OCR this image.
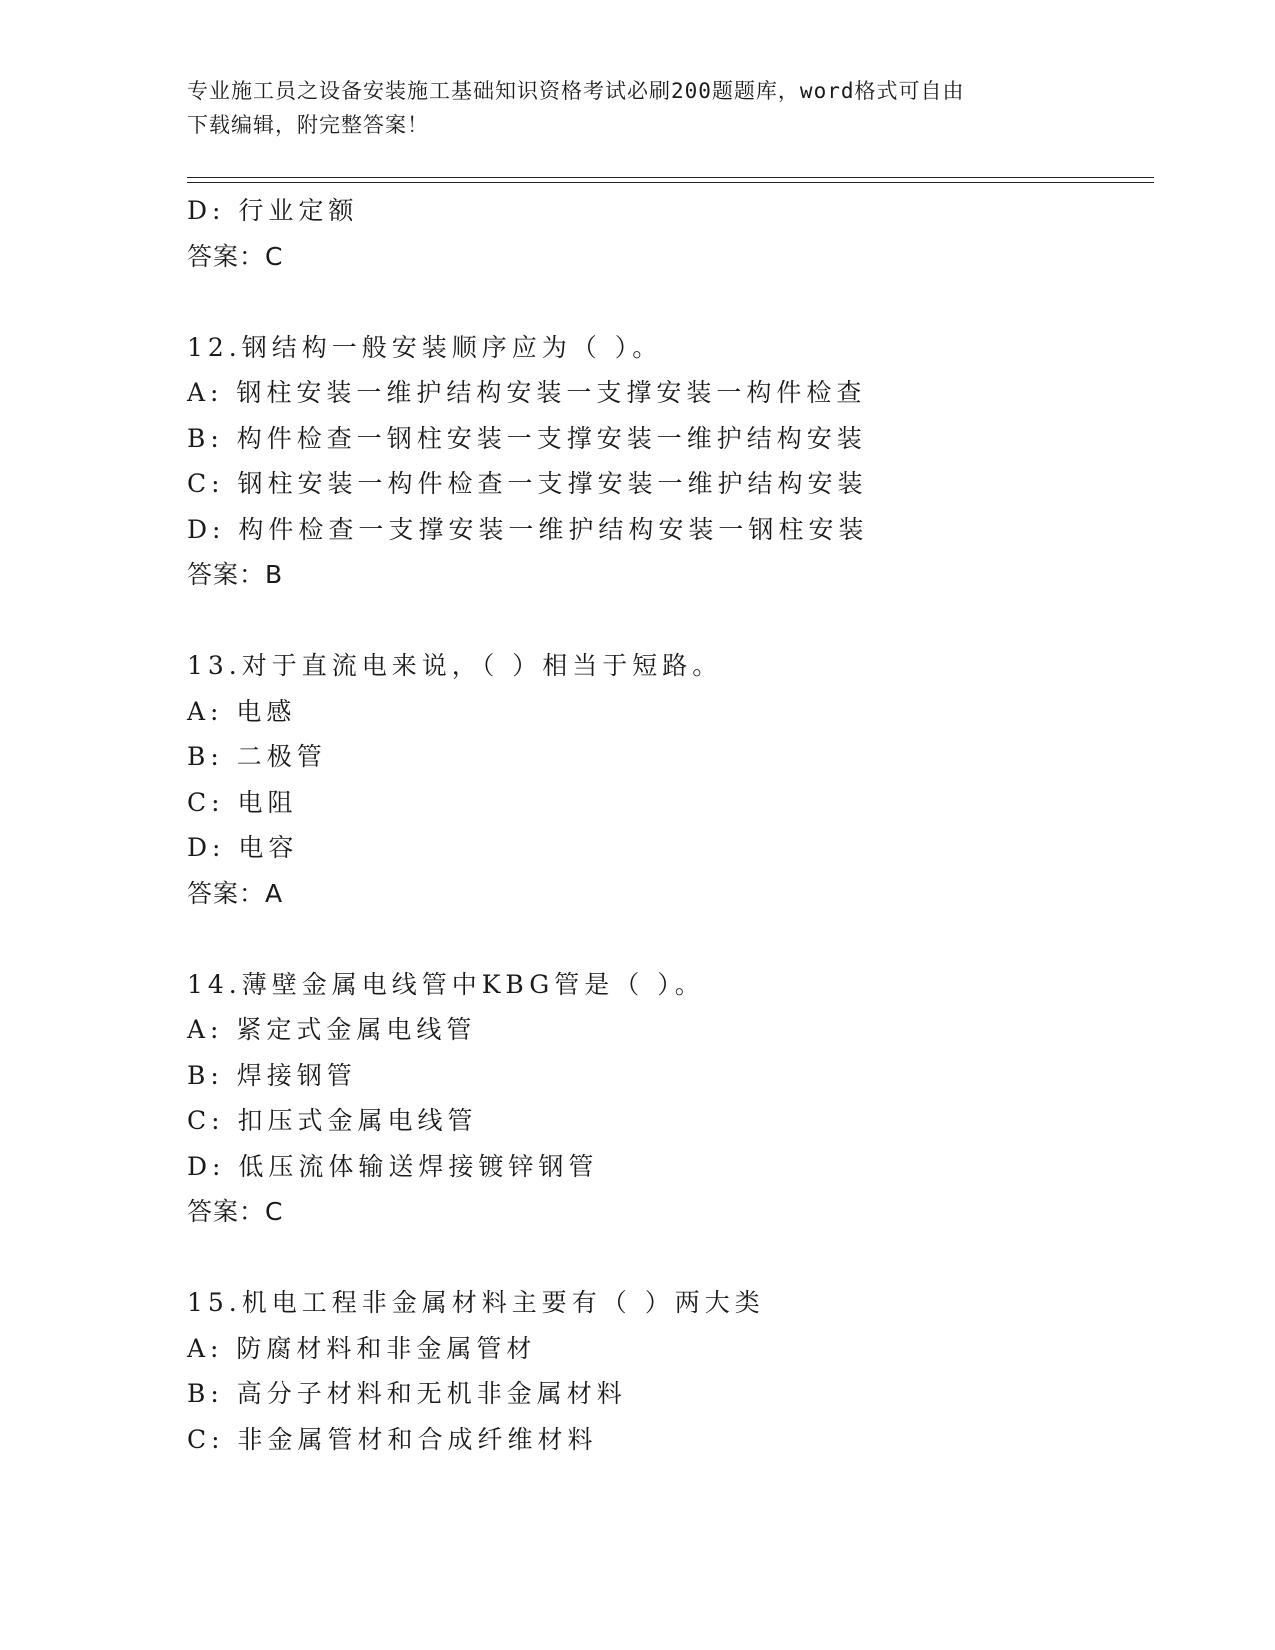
专业施工员之设备安装施工基础知识资格考试必刷200题题库，word格式可自由
下载编辑，附完整答案！
D: 行业定额
答案：C
12.钢结构一般安装顺序应为（ ）。
A: 钢柱安装一维护结构安装一支撑安装一构件检查
B: 构件检查一钢柱安装一支撑安装一维护结构安装
C: 钢柱安装一构件检查一支撑安装一维护结构安装
D: 构件检查一支撑安装一维护结构安装一钢柱安装
答案：B
13.对于直流电来说，（ ）相当于短路。
A: 电感
B: 二极管
C: 电阻
D: 电容
答案：A
14.薄壁金属电线管中KBG管是（ ）。
A: 紧定式金属电线管
B: 焊接钢管
C: 扣压式金属电线管
D: 低压流体输送焊接镀锌钢管
答案：C
15.机电工程非金属材料主要有（ ）两大类
A: 防腐材料和非金属管材
B: 高分子材料和无机非金属材料
C: 非金属管材和合成纤维材料
